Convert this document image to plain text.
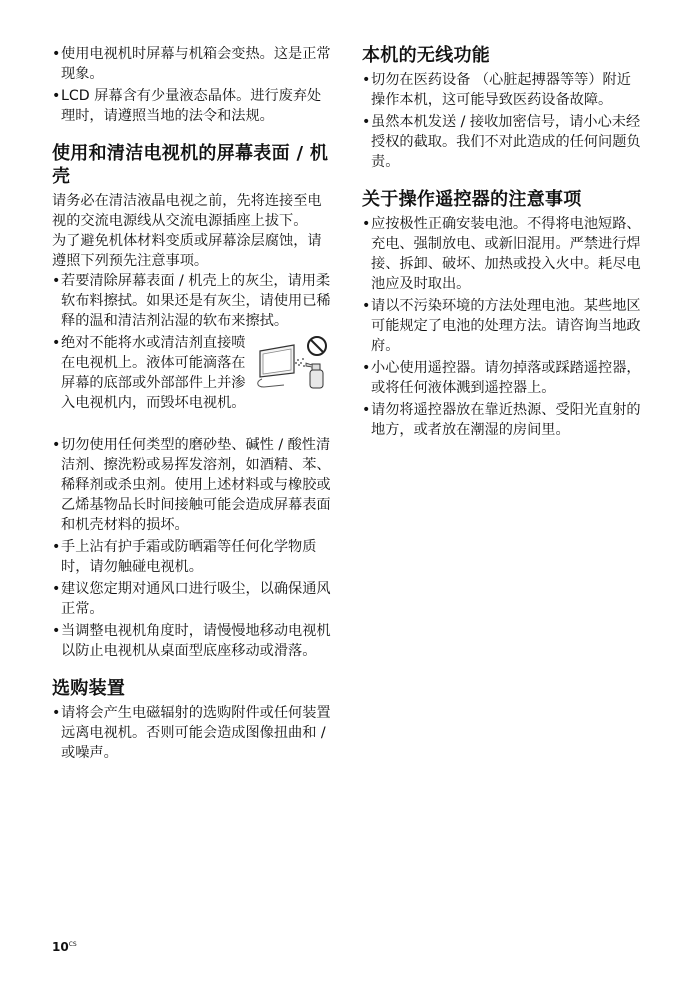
• 使用电视机时屏幕与机箱会变热。这是正常现象。
• LCD 屏幕含有少量液态晶体。进行废弃处理时，请遵照当地的法令和法规。
使用和清洁电视机的屏幕表面 / 机壳

请务必在清洁液晶电视之前，先将连接至电视的交流电源线从交流电源插座上拔下。

为了避免机体材料变质或屏幕涂层腐蚀，请遵照下列预先注意事项。

• 若要清除屏幕表面 / 机壳上的灰尘，请用柔软布料擦拭。如果还是有灰尘，请使用已稀释的温和清洁剂沾湿的软布来擦拭。
• 绝对不能将水或清洁剂直接喷在电视机上。液体可能滴落在屏幕的底部或外部部件上并渗入电视机内，而毁坏电视机。
• 切勿使用任何类型的磨砂垫、碱性 / 酸性清洁剂、擦洗粉或易挥发溶剂，如酒精、苯、稀释剂或杀虫剂。使用上述材料或与橡胶或乙烯基物品长时间接触可能会造成屏幕表面和机壳材料的损坏。
• 手上沾有护手霜或防晒霜等任何化学物质时，请勿触碰电视机。
• 建议您定期对通风口进行吸尘，以确保通风正常。
• 当调整电视机角度时，请慢慢地移动电视机以防止电视机从桌面型底座移动或滑落。
选购装置
• 请将会产生电磁辐射的选购附件或任何装置远离电视机。否则可能会造成图像扭曲和 / 或噪声。
本机的无线功能
• 切勿在医药设备 （心脏起搏器等等）附近操作本机，这可能导致医药设备故障。
• 虽然本机发送 / 接收加密信号，请小心未经授权的截取。我们不对此造成的任何问题负责。
关于操作遥控器的注意事项
• 应按极性正确安装电池。不得将电池短路、充电、强制放电、或新旧混用。严禁进行焊接、拆卸、破坏、加热或投入火中。耗尽电池应及时取出。
• 请以不污染环境的方法处理电池。某些地区可能规定了电池的处理方法。请咨询当地政府。
• 小心使用遥控器。请勿掉落或踩踏遥控器，或将任何液体溅到遥控器上。
• 请勿将遥控器放在靠近热源、受阳光直射的地方，或者放在潮湿的房间里。
$10^{CS}$
